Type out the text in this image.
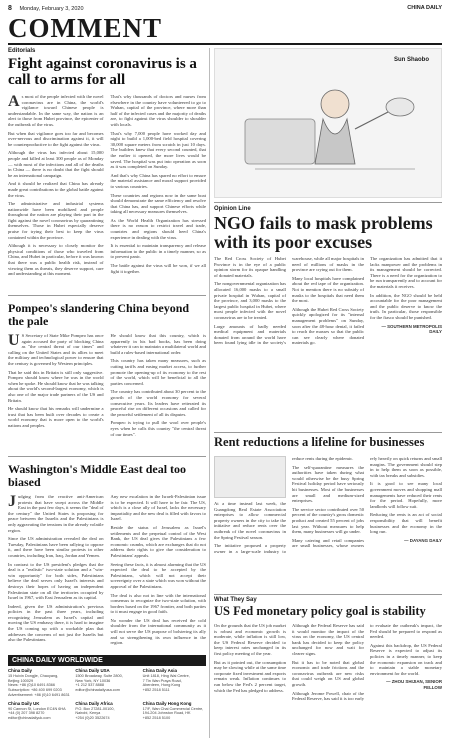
8 Monday, February 3, 2020	CHINA DAILY
COMMENT
Editorials
Fight against coronavirus is a call to arms for all

As most of the people infected with the novel coronavirus are in China, the world's vigilance toward Chinese people is understandable. In the same way, the nation is an alert to those from Hubei province, the epicenter of the outbreak of the virus.

But when that vigilance goes too far and becomes over-nervous and discrimination against it, it will be counterproductive to the fight against the virus.

Although the virus has infected about 15,000 people and killed at least 300 people as of Monday — with most of the infections and all of the deaths in China — there is no doubt that the fight should be an international campaign.

And it should be realized that China has already made great contributions to the global battle against the virus.

The administrative and industrial systems nationwide have been mobilized and people throughout the nation are playing their part in the fight against the novel coronavirus by quarantining themselves. Those in Hubei especially deserve praise for trying their best to keep the virus contained within the province.

Although it is necessary to closely monitor the physical conditions of those who traveled from China, and Hubei in particular, before it was known that there was a public health risk, instead of viewing them as threats, they deserve support, care and understanding at this moment.

That's why thousands of doctors and nurses from elsewhere in the country have volunteered to go to Wuhan, capital of the province, where more than half of the infected cases and the majority of deaths are, to fight against the virus shoulder to shoulder with locals.

That's why 7,000 people have worked day and night to build a 1,000-bed field hospital covering 30,000 square meters from scratch in just 10 days. The builders knew that every second counted, that the earlier it opened, the more lives would be saved. The hospital was put into operation as soon as it was completed on Sunday.

And that's why China has spared no effort to ensure the material assistance and moral support provided to various countries.

These countries and regions now in the same boat should demonstrate the same efficiency and resolve that China has, and support Chinese efforts while taking all necessary measures themselves.

As the World Health Organization has stressed there is no reason to restrict travel and trade, countries and regions should heed China's experience in dealing with the virus.

It is essential to maintain transparency and release information to the public in a timely manner, so as to prevent panic.

The battle against the virus will be won, if we all fight it together.

Pompeo's slandering China beyond the pale

US Secretary of State Mike Pompeo has once again accused the party of blocking China as "the central threat of our times" and calling on the United States and its allies to meet the military and technological power to ensure that the century is governed by Western principles.

That he said this in Britain is still only suggestive. Pompeo should know where he was in the world when he spoke. He should know that he was talking about the world's second-largest economy, which is also one of the major trade partners of the US and Britain.

He should know that his remarks will undermine a trust that has been built over decades to create a world economy that is more open to the world's nations and peoples.

He should know that this country, which is apparently in his bad books, has been doing whatever it can to maintain a multilateral world and build a rules-based international order.

This country has taken many measures, such as cutting tariffs and easing market access, to further promote the opening-up of its economy to the rest of the world, which will be beneficial to all the parties concerned.

The country has contributed about 30 percent to the growth of the world economy for several consecutive years. Its leaders have reiterated its peaceful rise on different occasions and called for the peaceful settlement of all its disputes.

Pompeo is trying to pull the wool over people's eyes when he calls this country "the central threat of our times".

Washington's Middle East deal too biased

Judging from the reactive anti-American protests that have swept across the Middle East in the past few days, it seems the "deal of the century" the United States is proposing for peace between the Israelis and the Palestinians is only aggravating the tensions in the already volatile region.

Since the US administration revealed the deal on Tuesday, Palestinians have been rallying to oppose it, and there have been similar protests in other countries, including Iran, Iraq, Jordan and Yemen.

In contrast to the US president's pledges that the deal is a "realistic" two-state solution and a "win-win opportunity" for both sides, Palestinians believe the deal serves only Israel's interests and destroys their hopes of having an independent Palestinian state on all the territories occupied by Israel in 1967, with East Jerusalem as its capital.

Indeed, given the US administration's previous policies in the past three years, including recognizing Jerusalem as Israel's capital and moving the US embassy there, it is hard to imagine the US coming up with a workable plan that addresses the concerns of not just the Israelis but also the Palestinians.

Any new escalation in the Israeli-Palestinian issue is to be expected. It will have to be fair. The US, which is a close ally of Israel, lacks the necessary impartiality and the new deal is filled with favors to Israel.

Beside the status of Jerusalem as Israel's settlements and the perpetual control of the West Bank, the US deal gives the Palestinians a few economic crumbs, which are exchanges that do not address their rights to give due consideration to Palestinians' appeals.

Seeing these facts, it is almost alarming that the US expected the deal to be accepted by the Palestinians, which will not accept their sovereignty over a state which was won without the approval of the Palestinians.

The deal is also not in line with the international consensus to recognize the two-state solution, with borders based on the 1967 frontier, and both parties to it must engage in good faith.

No wonder the US deal has received the cold shoulder from the international community as it will not serve the US purpose of bolstering its ally and so strengthening its own influence in the region.

CHINA DAILY WORLDWIDE
China Daily
15 Huixin Dongjie, Chaoyang,
Beijing 100029
News: +86 (0)10 6491 8366
Subscription: +86 400 699 0203
Advertisement: +86 (0)10 6491 8631
China Daily USA
1500 Broadway, Suite 2800,
New York, NY 10036
+1 212 537 8888
editor@chinadailyusa.com
China Daily Asia
Unit 1818, Hing Wai Centre,
7 Tin Wan Praya Road,
Aberdeen, Hong Kong
+852 2518 5111
China Daily UK
90 Cannon St, London EC4N 6HA
+44 (0) 207 398 8270
editor@chinadailyuk.com
China Daily Africa
P.O. Box 27281-00100,
Nairobi, Kenya
+254 (0)20 3522674
China Daily Hong Kong
17/F, Wan Chai Commercial Centre,
194-204 Johnston Road, HK
+852 2518 5100
Sun Shaobo
Opinion Line
NGO fails to mask problems with its poor excuses

The Red Cross Society of Hubei Province is in the eye of a public opinion storm for its opaque handling of donated materials.

The nongovernmental organization has allocated 16,000 masks to a small private hospital in Wuhan, capital of the province, and 3,000 masks to the largest public hospital in Hubei, where most people infected with the novel coronavirus are to be treated.

Large amounts of badly needed medical equipment and materials donated from around the world have been found lying idle in the society's warehouse, while all major hospitals in need of millions of masks in the province are crying out for them.

Many local hospitals have complained about the red tape of the organization. Not to mention there is no subsidy of masks to the hospitals that need them the most.

Although the Hubei Red Cross Society quickly apologized for its "internal management problems" on Sunday, soon after the 48-hour denial, it failed to reach the masses so that the public can see clearly where donated materials go.

The organization has admitted that it lacks manpower and the problems in its management should be corrected. There is a need for the organization to be run transparently and to account for the materials it receives.

In addition, the NGO should be held accountable for the poor management and the public deserve to know the truth. In particular, those responsible for the fiasco should be punished.

— SOUTHERN METROPOLIS DAILY

Rent reductions a lifeline for businesses

At a time instead last week, the Guangdong Real Estate Association enterprises to allow commercial property owners in the city to take the initiative and reduce rents over the outbreak of the novel coronavirus in the Spring Festival season.

The initiative proposed a property owner in a large-scale industry to reduce rents during the epidemic.

The self-quarantine measures the authorities have taken during what would otherwise be the busy Spring Festival holiday period have seriously hit businesses. Most of the businesses are small and medium-sized enterprises.

The service sector contributed over 50 percent of the country's gross domestic product and created 55 percent of jobs last year. Without measures to help them, many businesses will go under.

Many catering and retail companies are small businesses, whose owners rely heavily on quick returns and small margins. The government should step in to help them as soon as possible, with tax breaks and subsidies.

It is good to see many local government moves and shopping mall managements have reduced their rents for the period. Hopefully, more landlords will follow suit.

Reducing the rents is an act of social responsibility that will benefit businesses and the economy in the long run.

— DAYANG DAILY

What They Say
US Fed monetary policy goal is stability

On the grounds that the US job market is robust and economic growth is moderate, while inflation is still low, the US Federal Reserve decided to keep interest rates unchanged in its first policy meeting of the year.

But as it pointed out, the consumption may be slowing while at the same time corporate fixed investment and exports remain weak. Inflation continues to run below the Fed's 2 percent target, which the Fed has pledged to address.

Although the Federal Reserve has said it would monitor the impact of the virus on the economy, the US central bank has decided to keep the policy unchanged for now and wait for clearer signs.

But it has to be noted that global economic and trade frictions and the coronavirus outbreak are new risks that could weigh on US and global growth.

Although Jerome Powell, chair of the Federal Reserve, has said it is too early to evaluate the outbreak's impact, the Fed should be prepared to respond as needed.

Against this backdrop, the US Federal Reserve is expected to adjust its policies in a timely manner, to keep the economic expansion on track and to maintain a stable monetary environment for the world.

— ZHOU SHIJIAN, SENIOR FELLOW
